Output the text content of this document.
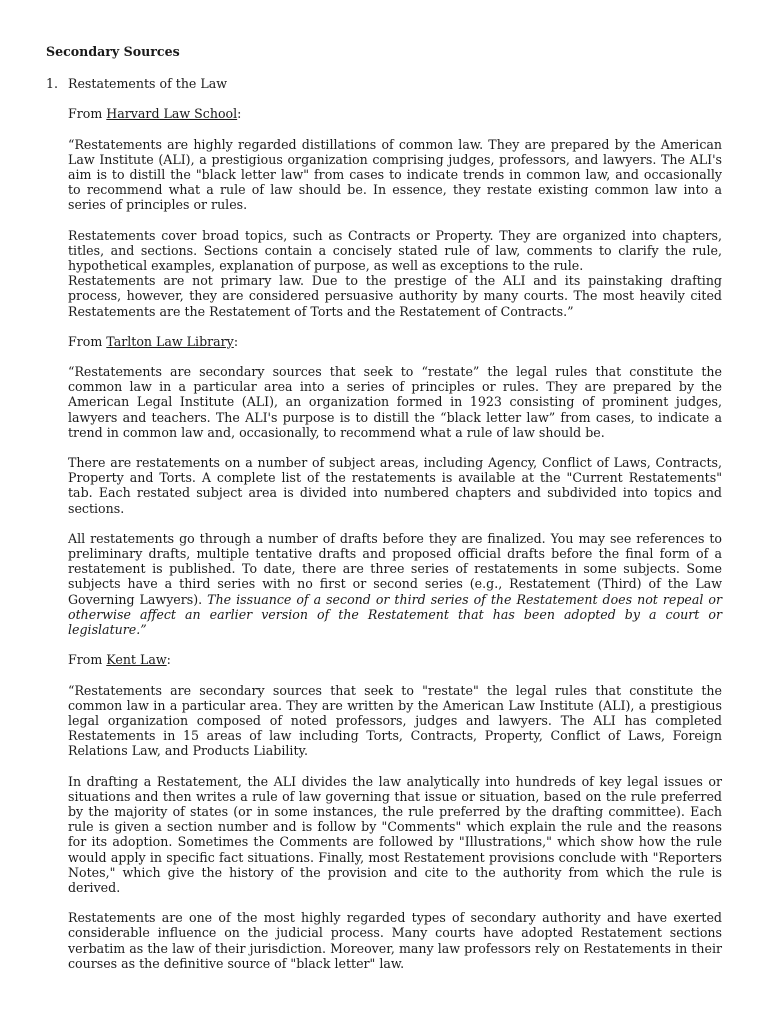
Secondary Sources
1. Restatements of the Law
From Harvard Law School:
“Restatements are highly regarded distillations of common law. They are prepared by the American Law Institute (ALI), a prestigious organization comprising judges, professors, and lawyers. The ALI's aim is to distill the "black letter law" from cases to indicate trends in common law, and occasionally to recommend what a rule of law should be. In essence, they restate existing common law into a series of principles or rules.
Restatements cover broad topics, such as Contracts or Property. They are organized into chapters, titles, and sections. Sections contain a concisely stated rule of law, comments to clarify the rule, hypothetical examples, explanation of purpose, as well as exceptions to the rule.
Restatements are not primary law. Due to the prestige of the ALI and its painstaking drafting process, however, they are considered persuasive authority by many courts. The most heavily cited Restatements are the Restatement of Torts and the Restatement of Contracts.”
From Tarlton Law Library:
“Restatements are secondary sources that seek to “restate” the legal rules that constitute the common law in a particular area into a series of principles or rules. They are prepared by the American Legal Institute (ALI), an organization formed in 1923 consisting of prominent judges, lawyers and teachers. The ALI's purpose is to distill the “black letter law” from cases, to indicate a trend in common law and, occasionally, to recommend what a rule of law should be.
There are restatements on a number of subject areas, including Agency, Conflict of Laws, Contracts, Property and Torts. A complete list of the restatements is available at the "Current Restatements" tab. Each restated subject area is divided into numbered chapters and subdivided into topics and sections.
All restatements go through a number of drafts before they are finalized. You may see references to preliminary drafts, multiple tentative drafts and proposed official drafts before the final form of a restatement is published. To date, there are three series of restatements in some subjects. Some subjects have a third series with no first or second series (e.g., Restatement (Third) of the Law Governing Lawyers). The issuance of a second or third series of the Restatement does not repeal or otherwise affect an earlier version of the Restatement that has been adopted by a court or legislature.”
From Kent Law:
“Restatements are secondary sources that seek to "restate" the legal rules that constitute the common law in a particular area. They are written by the American Law Institute (ALI), a prestigious legal organization composed of noted professors, judges and lawyers. The ALI has completed Restatements in 15 areas of law including Torts, Contracts, Property, Conflict of Laws, Foreign Relations Law, and Products Liability.
In drafting a Restatement, the ALI divides the law analytically into hundreds of key legal issues or situations and then writes a rule of law governing that issue or situation, based on the rule preferred by the majority of states (or in some instances, the rule preferred by the drafting committee). Each rule is given a section number and is follow by "Comments" which explain the rule and the reasons for its adoption. Sometimes the Comments are followed by "Illustrations," which show how the rule would apply in specific fact situations. Finally, most Restatement provisions conclude with "Reporters Notes," which give the history of the provision and cite to the authority from which the rule is derived.
Restatements are one of the most highly regarded types of secondary authority and have exerted considerable influence on the judicial process. Many courts have adopted Restatement sections verbatim as the law of their jurisdiction. Moreover, many law professors rely on Restatements in their courses as the definitive source of "black letter" law.
